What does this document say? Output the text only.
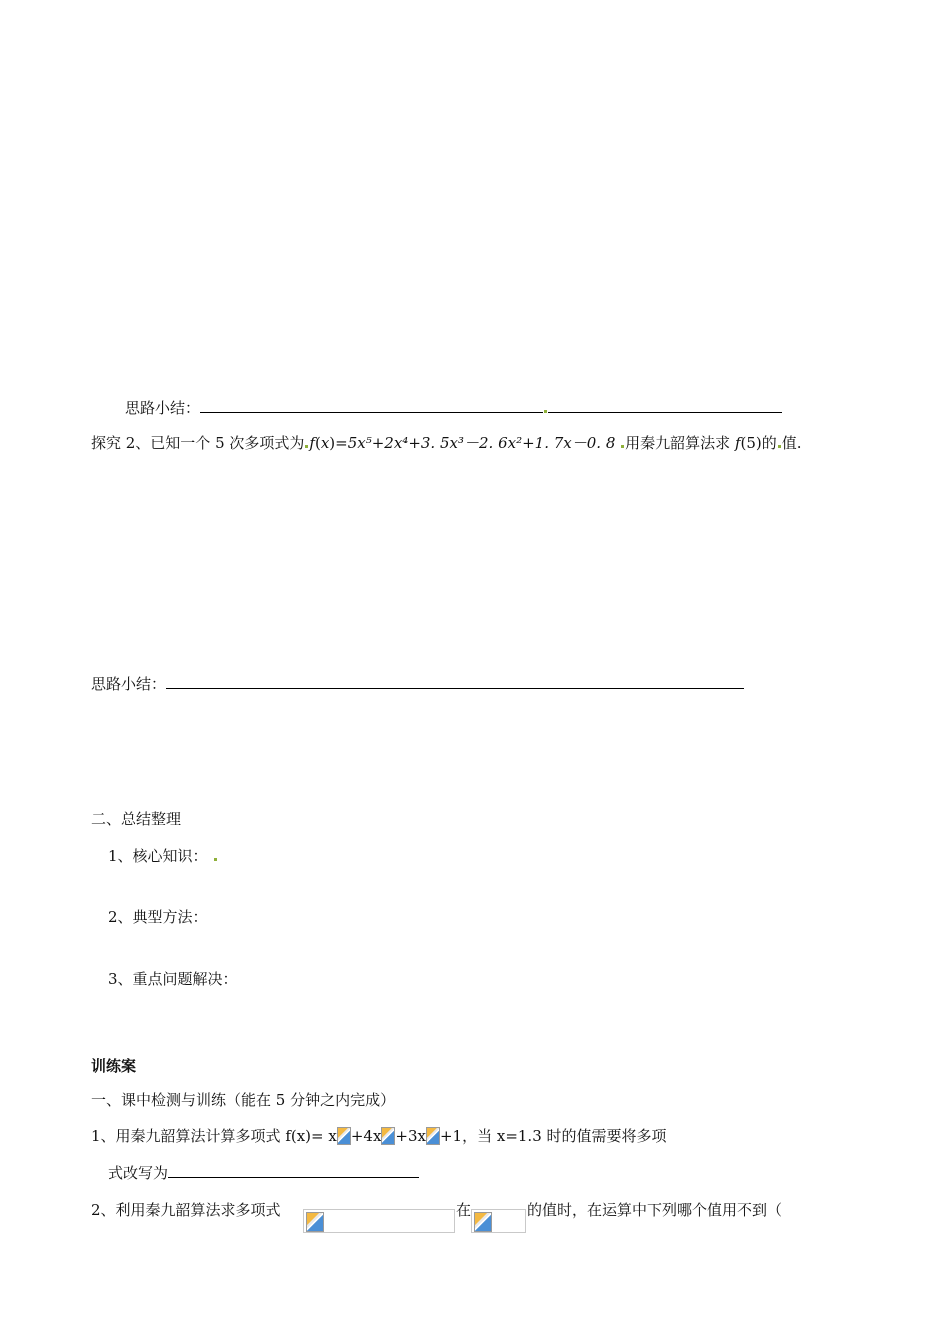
思路小结：
探究 2、已知一个 5 次多项式为 f(x)=5x⁵+2x⁴+3. 5x³－2. 6x²+1. 7x－0. 8 用秦九韶算法求 f(5)的 值.
思路小结：
二、总结整理
1、核心知识：
2、典型方法：
3、重点问题解决：
训练案
一、课中检测与训练（能在 5 分钟之内完成）
1、用秦九韶算法计算多项式 f(x)= x +4x +3x +1，当 x=1.3 时的值需要将多项
式改写为
2、利用秦九韶算法求多项式	在	的值时，在运算中下列哪个值用不到（
